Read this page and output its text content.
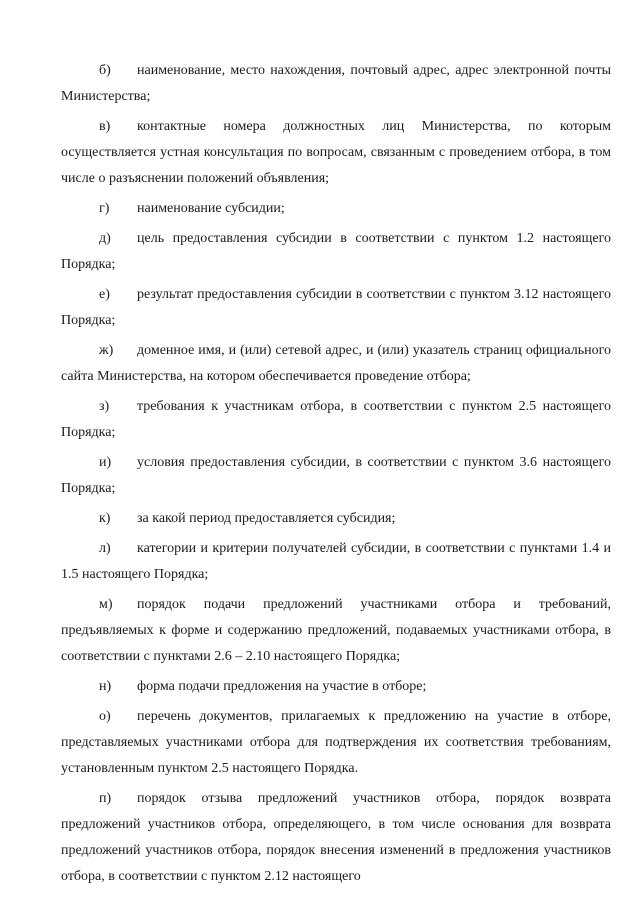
б) наименование, место нахождения, почтовый адрес, адрес электронной почты Министерства;

в) контактные номера должностных лиц Министерства, по которым осуществляется устная консультация по вопросам, связанным с проведением отбора, в том числе о разъяснении положений объявления;

г) наименование субсидии;

д) цель предоставления субсидии в соответствии с пунктом 1.2 настоящего Порядка;

е) результат предоставления субсидии в соответствии с пунктом 3.12 настоящего Порядка;

ж) доменное имя, и (или) сетевой адрес, и (или) указатель страниц официального сайта Министерства, на котором обеспечивается проведение отбора;

з) требования к участникам отбора, в соответствии с пунктом 2.5 настоящего Порядка;

и) условия предоставления субсидии, в соответствии с пунктом 3.6 настоящего Порядка;

к) за какой период предоставляется субсидия;

л) категории и критерии получателей субсидии, в соответствии с пунктами 1.4 и 1.5 настоящего Порядка;

м) порядок подачи предложений участниками отбора и требований, предъявляемых к форме и содержанию предложений, подаваемых участниками отбора, в соответствии с пунктами 2.6 – 2.10 настоящего Порядка;

н) форма подачи предложения на участие в отборе;

о) перечень документов, прилагаемых к предложению на участие в отборе, представляемых участниками отбора для подтверждения их соответствия требованиям, установленным пунктом 2.5 настоящего Порядка.

п) порядок отзыва предложений участников отбора, порядок возврата предложений участников отбора, определяющего, в том числе основания для возврата предложений участников отбора, порядок внесения изменений в предложения участников отбора, в соответствии с пунктом 2.12 настоящего
